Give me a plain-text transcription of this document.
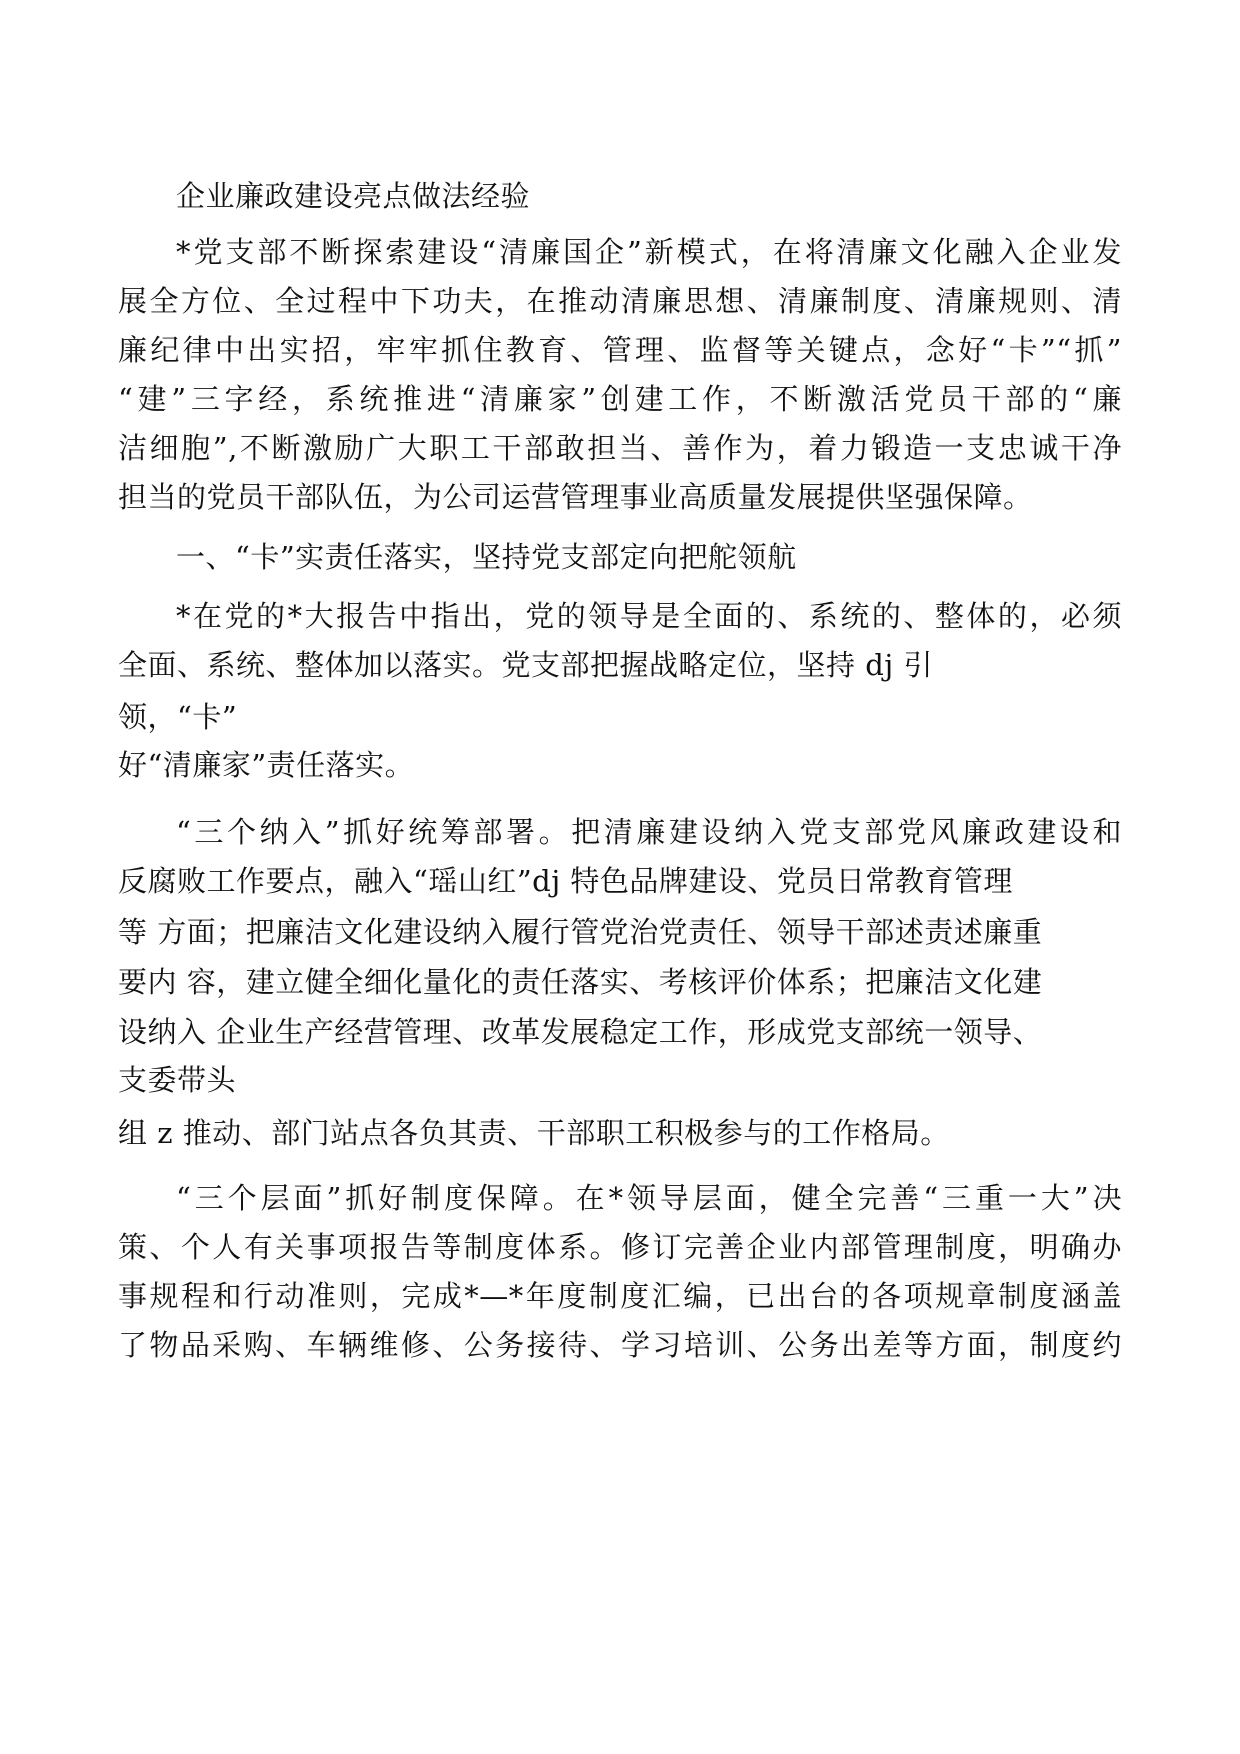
企业廉政建设亮点做法经验
*党支部不断探索建设“清廉国企”新模式，在将清廉文化融入企业发
展全方位、全过程中下功夫，在推动清廉思想、清廉制度、清廉规则、清
廉纪律中出实招，牢牢抓住教育、管理、监督等关键点，念好“卡”“抓”
“建”三字经，系统推进“清廉家”创建工作，不断激活党员干部的“廉
洁细胞”,不断激励广大职工干部敢担当、善作为，着力锻造一支忠诚干净
担当的党员干部队伍，为公司运营管理事业高质量发展提供坚强保障。
一、“卡”实责任落实，坚持党支部定向把舵领航
*在党的*大报告中指出，党的领导是全面的、系统的、整体的，必须
全面、系统、整体加以落实。党支部把握战略定位，坚持 dj 引
领，“卡”
好“清廉家”责任落实。
“三个纳入”抓好统筹部署。把清廉建设纳入党支部党风廉政建设和
反腐败工作要点，融入“瑶山红”dj 特色品牌建设、党员日常教育管理
等 方面；把廉洁文化建设纳入履行管党治党责任、领导干部述责述廉重
要内 容，建立健全细化量化的责任落实、考核评价体系；把廉洁文化建
设纳入 企业生产经营管理、改革发展稳定工作，形成党支部统一领导、
支委带头
组 z 推动、部门站点各负其责、干部职工积极参与的工作格局。
“三个层面”抓好制度保障。在*领导层面，健全完善“三重一大”决
策、个人有关事项报告等制度体系。修订完善企业内部管理制度，明确办
事规程和行动准则，完成*—*年度制度汇编，已出台的各项规章制度涵盖
了物品采购、车辆维修、公务接待、学习培训、公务出差等方面，制度约
